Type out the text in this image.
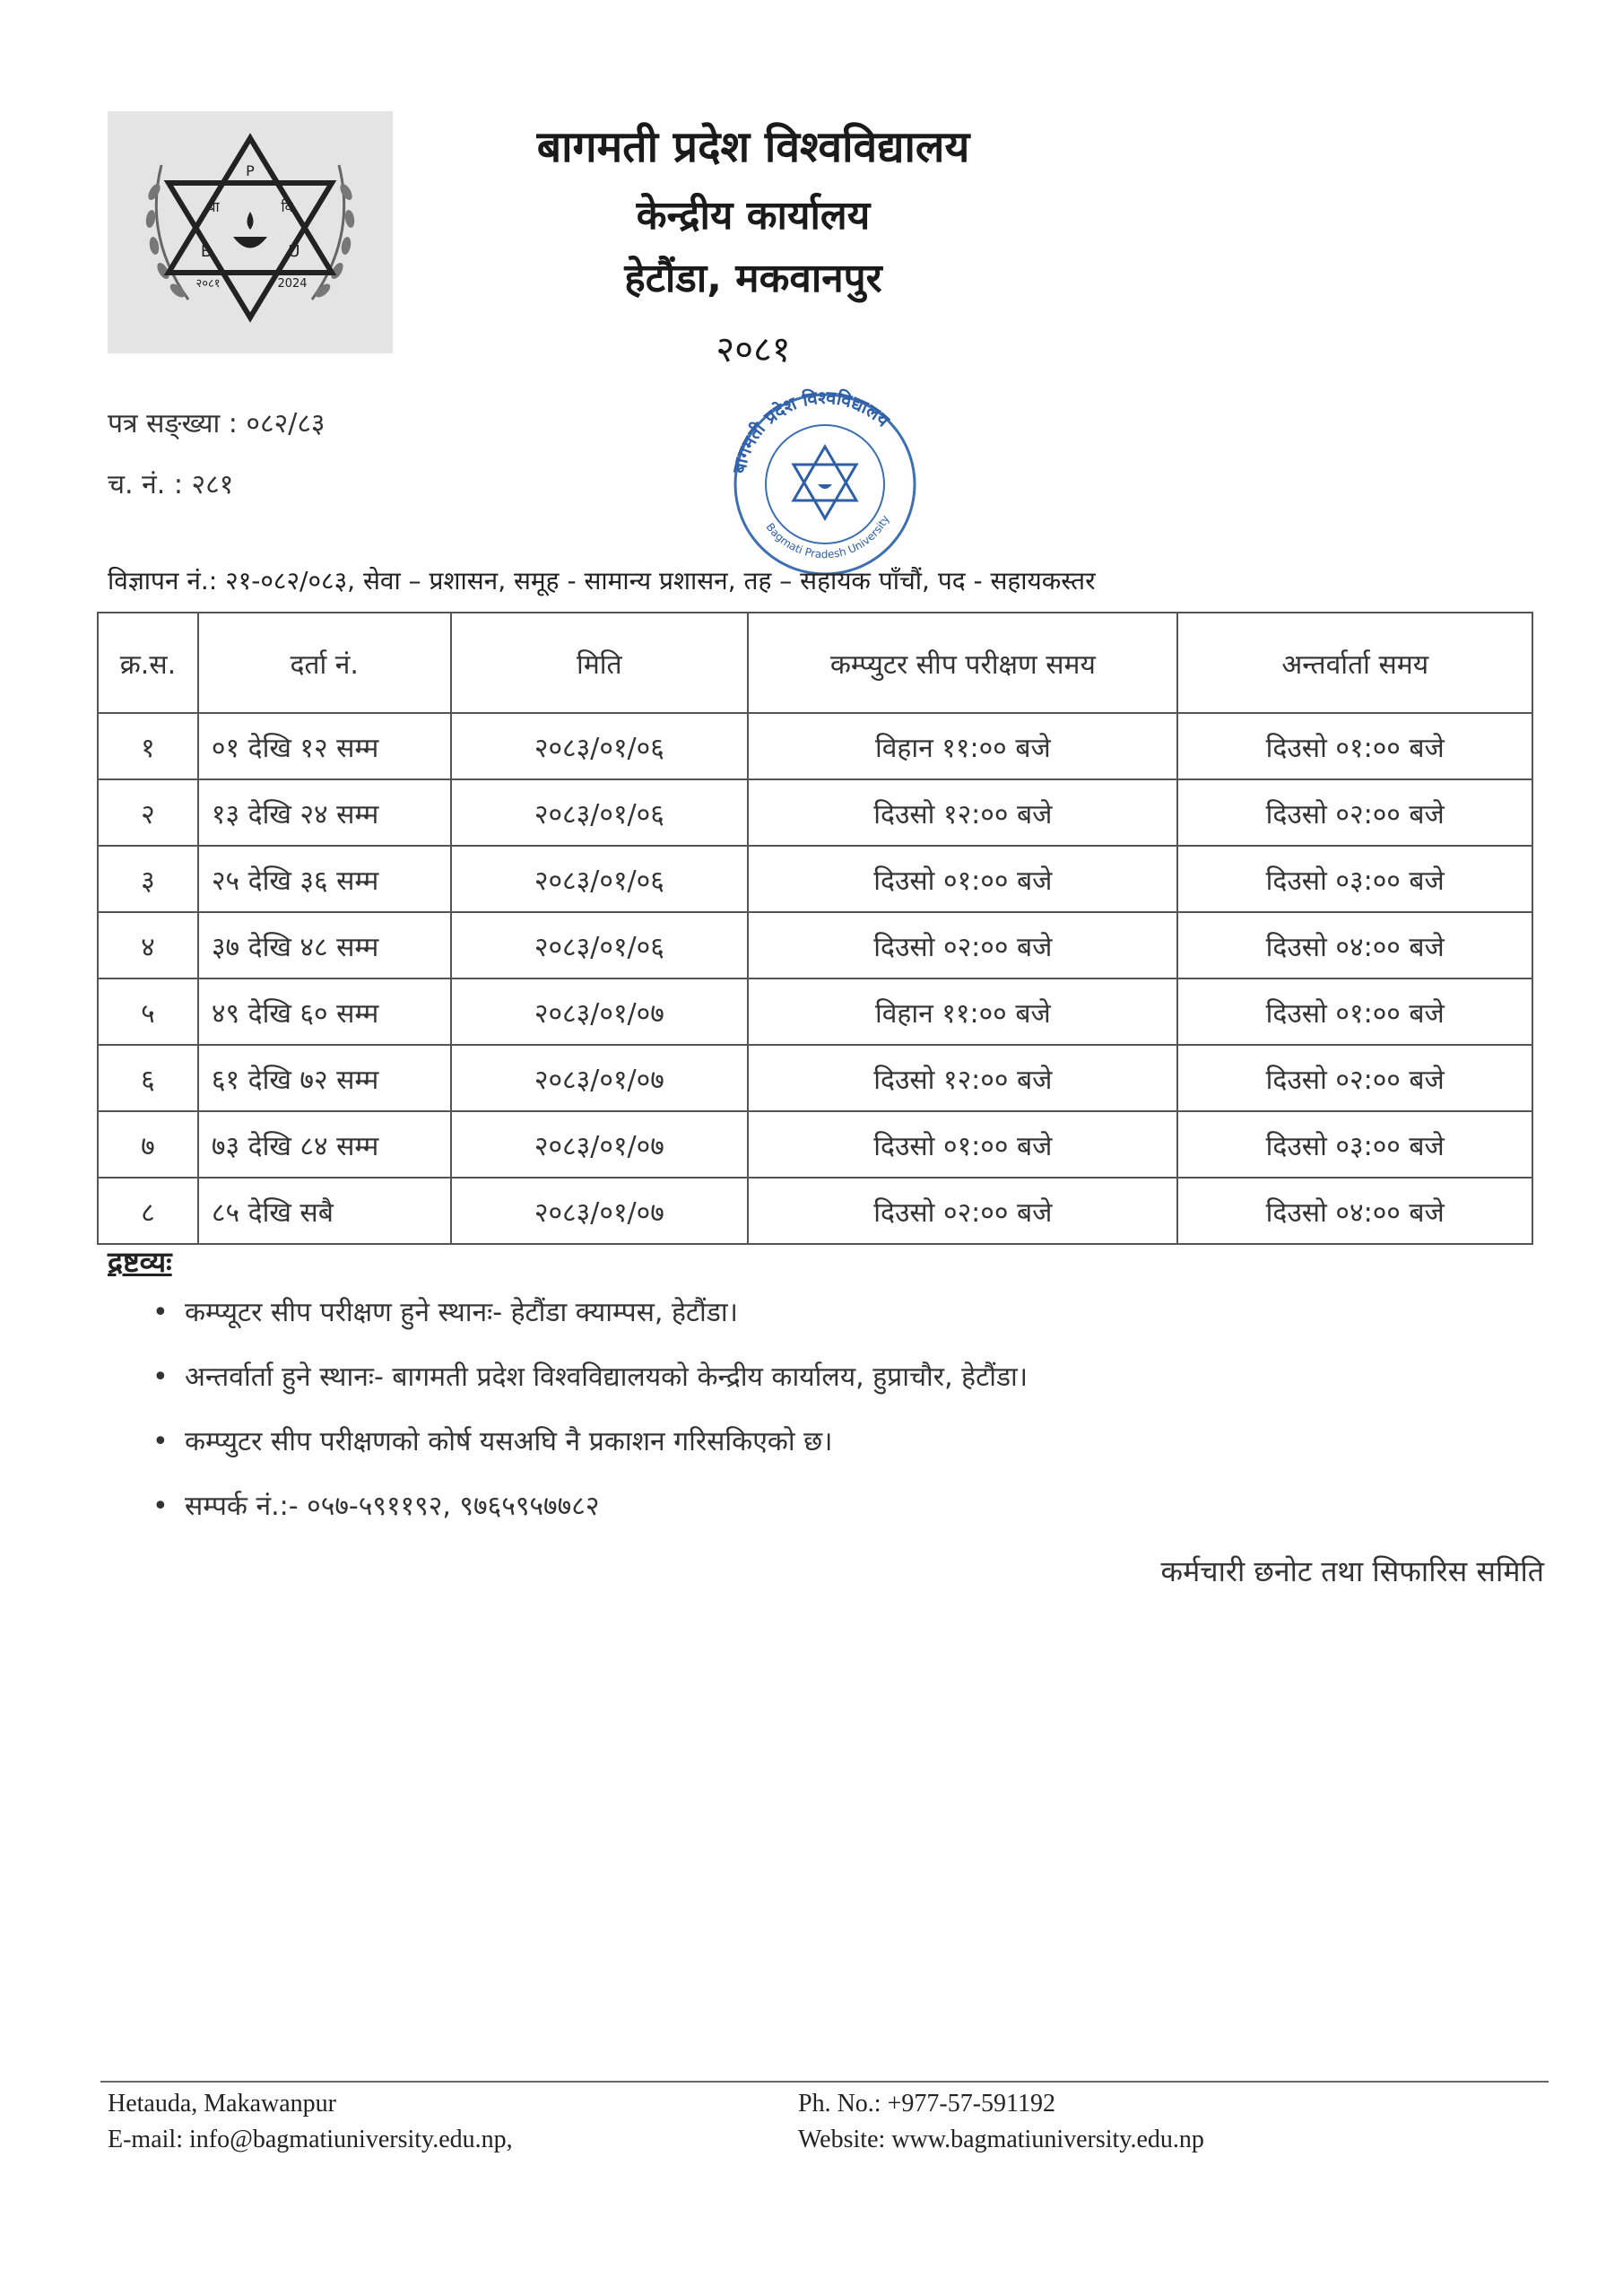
P
बा	वि
B	U
२०८१	2024
बागमती प्रदेश विश्वविद्यालय
केन्द्रीय कार्यालय
हेटौंडा, मकवानपुर
२०८१
पत्र सङ्ख्या : ०८२/८३
च. नं. : २८१
बागमती प्रदेश विश्वविद्यालय
Bagmati Pradesh University
विज्ञापन नं.: २१-०८२/०८३, सेवा – प्रशासन, समूह - सामान्य प्रशासन, तह – सहायक पाँचौं, पद - सहायकस्तर
क्र.स.	दर्ता नं.	मिति	कम्प्युटर सीप परीक्षण समय	अन्तर्वार्ता समय
१	०१ देखि १२ सम्म	२०८३/०१/०६	विहान ११:०० बजे	दिउसो ०१:०० बजे
२	१३ देखि २४ सम्म	२०८३/०१/०६	दिउसो १२:०० बजे	दिउसो ०२:०० बजे
३	२५ देखि ३६ सम्म	२०८३/०१/०६	दिउसो ०१:०० बजे	दिउसो ०३:०० बजे
४	३७ देखि ४८ सम्म	२०८३/०१/०६	दिउसो ०२:०० बजे	दिउसो ०४:०० बजे
५	४९ देखि ६० सम्म	२०८३/०१/०७	विहान ११:०० बजे	दिउसो ०१:०० बजे
६	६१ देखि ७२ सम्म	२०८३/०१/०७	दिउसो १२:०० बजे	दिउसो ०२:०० बजे
७	७३ देखि ८४ सम्म	२०८३/०१/०७	दिउसो ०१:०० बजे	दिउसो ०३:०० बजे
८	८५ देखि सबै	२०८३/०१/०७	दिउसो ०२:०० बजे	दिउसो ०४:०० बजे
द्रष्टव्यः
• कम्प्यूटर सीप परीक्षण हुने स्थानः- हेटौंडा क्याम्पस, हेटौंडा।
• अन्तर्वार्ता हुने स्थानः- बागमती प्रदेश विश्वविद्यालयको केन्द्रीय कार्यालय, हुप्राचौर, हेटौंडा।
• कम्प्युटर सीप परीक्षणको कोर्ष यसअघि नै प्रकाशन गरिसकिएको छ।
• सम्पर्क नं.:- ०५७-५९११९२, ९७६५९५७७८२
कर्मचारी छनोट तथा सिफारिस समिति
Hetauda, Makawanpur
E-mail: info@bagmatiuniversity.edu.np,
Ph. No.: +977-57-591192
Website: www.bagmatiuniversity.edu.np
